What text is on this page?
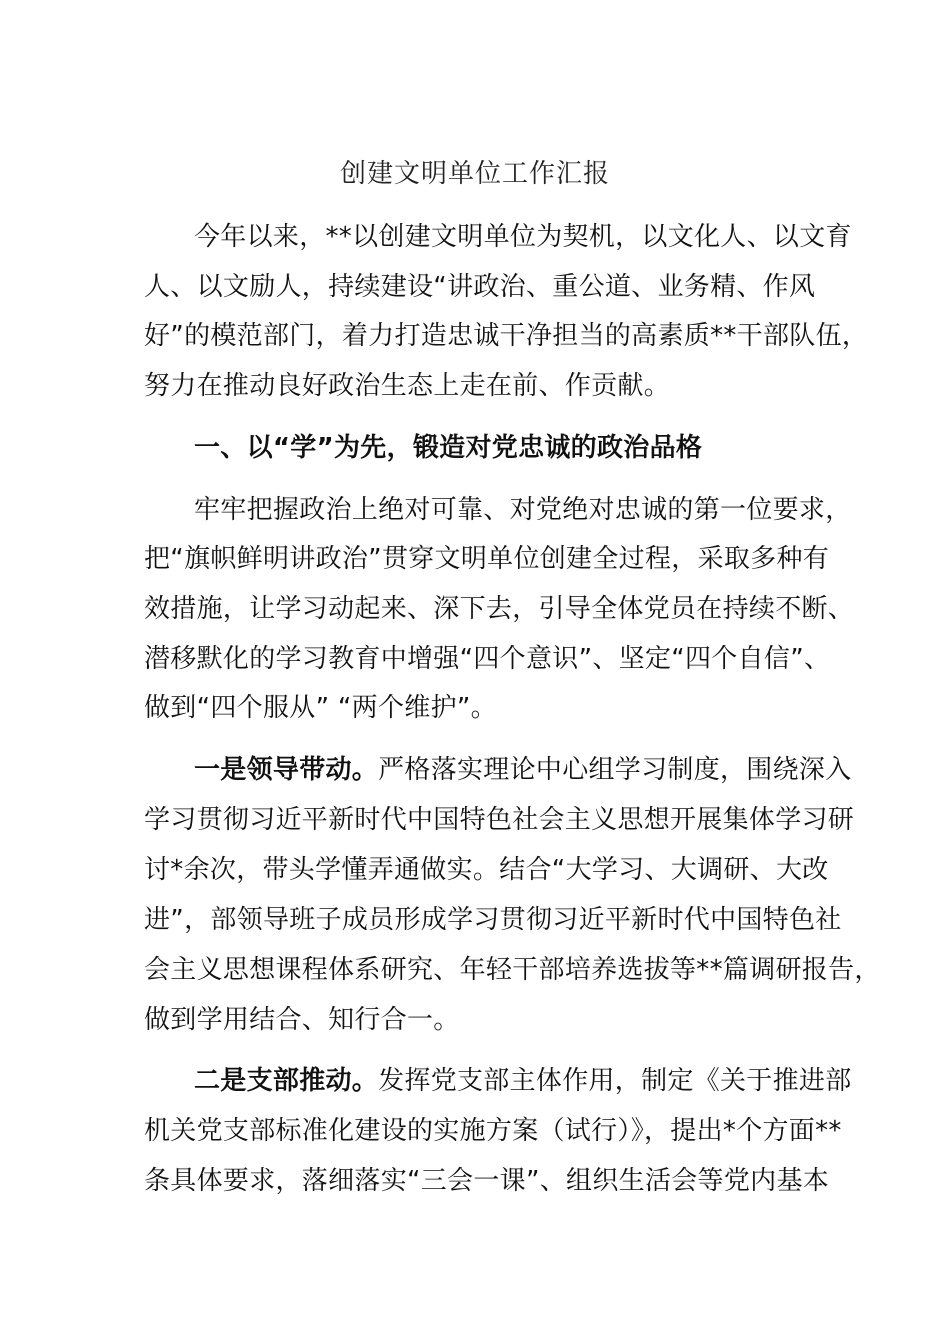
创建文明单位工作汇报
今年以来，**以创建文明单位为契机，以文化人、以文育
人、以文励人，持续建设“讲政治、重公道、业务精、作风
好”的模范部门，着力打造忠诚干净担当的高素质**干部队伍，
努力在推动良好政治生态上走在前、作贡献。
一、以“学”为先，锻造对党忠诚的政治品格
牢牢把握政治上绝对可靠、对党绝对忠诚的第一位要求，
把“旗帜鲜明讲政治”贯穿文明单位创建全过程，采取多种有
效措施，让学习动起来、深下去，引导全体党员在持续不断、
潜移默化的学习教育中增强“四个意识”、坚定“四个自信”、
做到“四个服从” “两个维护”。
一是领导带动。严格落实理论中心组学习制度，围绕深入
学习贯彻习近平新时代中国特色社会主义思想开展集体学习研
讨*余次，带头学懂弄通做实。结合“大学习、大调研、大改
进”，部领导班子成员形成学习贯彻习近平新时代中国特色社
会主义思想课程体系研究、年轻干部培养选拔等**篇调研报告，
做到学用结合、知行合一。
二是支部推动。发挥党支部主体作用，制定《关于推进部
机关党支部标准化建设的实施方案（试行）》，提出*个方面**
条具体要求，落细落实“三会一课”、组织生活会等党内基本
